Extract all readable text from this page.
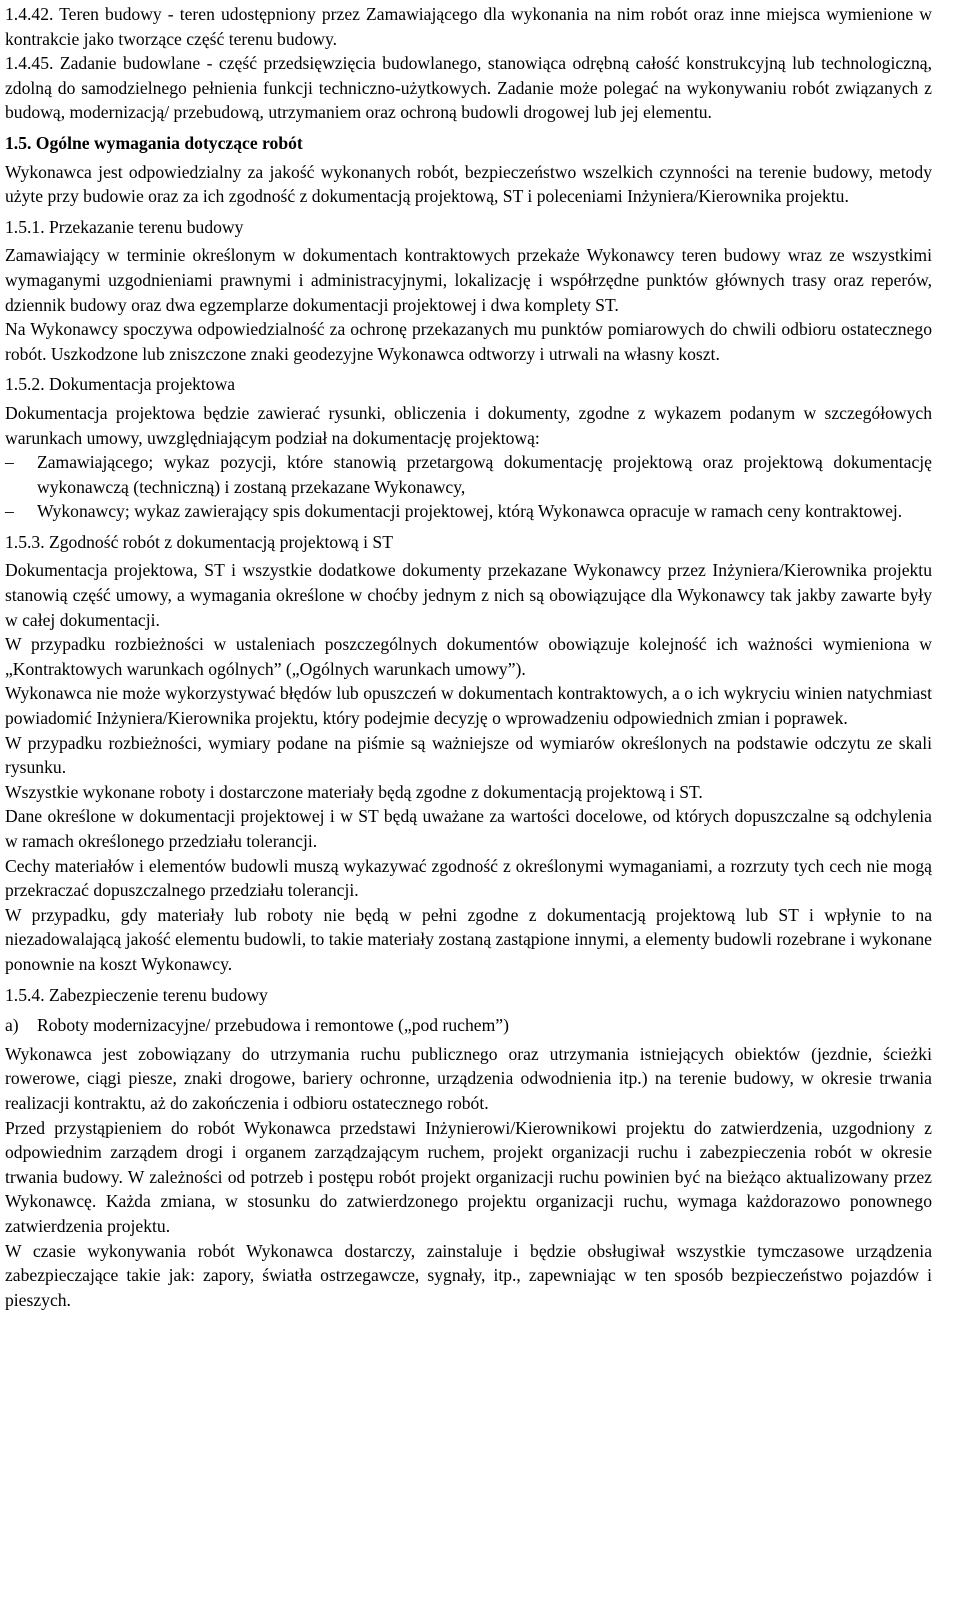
1.4.42. Teren budowy - teren udostępniony przez Zamawiającego dla wykonania na nim robót oraz inne miejsca wymienione w kontrakcie jako tworzące część terenu budowy.

1.4.45. Zadanie budowlane - część przedsięwzięcia budowlanego, stanowiąca odrębną całość konstrukcyjną lub technologiczną, zdolną do samodzielnego pełnienia funkcji techniczno-użytkowych. Zadanie może polegać na wykonywaniu robót związanych z budową, modernizacją/ przebudową, utrzymaniem oraz ochroną budowli drogowej lub jej elementu.

1.5. Ogólne wymagania dotyczące robót

Wykonawca jest odpowiedzialny za jakość wykonanych robót, bezpieczeństwo wszelkich czynności na terenie budowy, metody użyte przy budowie oraz za ich zgodność z dokumentacją projektową, ST i poleceniami Inżyniera/Kierownika projektu.

1.5.1. Przekazanie terenu budowy

Zamawiający w terminie określonym w dokumentach kontraktowych przekaże Wykonawcy teren budowy wraz ze wszystkimi wymaganymi uzgodnieniami prawnymi i administracyjnymi, lokalizację i współrzędne punktów głównych trasy oraz reperów, dziennik budowy oraz dwa egzemplarze dokumentacji projektowej i dwa komplety ST.

Na Wykonawcy spoczywa odpowiedzialność za ochronę przekazanych mu punktów pomiarowych do chwili odbioru ostatecznego robót. Uszkodzone lub zniszczone znaki geodezyjne Wykonawca odtworzy i utrwali na własny koszt.

1.5.2. Dokumentacja projektowa

Dokumentacja projektowa będzie zawierać rysunki, obliczenia i dokumenty, zgodne z wykazem podanym w szczegółowych warunkach umowy, uwzględniającym podział na dokumentację projektową:

–	Zamawiającego; wykaz pozycji, które stanowią przetargową dokumentację projektową oraz projektową dokumentację wykonawczą (techniczną) i zostaną przekazane Wykonawcy,
–	Wykonawcy; wykaz zawierający spis dokumentacji projektowej, którą Wykonawca opracuje w ramach ceny kontraktowej.

1.5.3. Zgodność robót z dokumentacją projektową i ST

Dokumentacja projektowa, ST i wszystkie dodatkowe dokumenty przekazane Wykonawcy przez Inżyniera/Kierownika projektu stanowią część umowy, a wymagania określone w choćby jednym z nich są obowiązujące dla Wykonawcy tak jakby zawarte były w całej dokumentacji.

W przypadku rozbieżności w ustaleniach poszczególnych dokumentów obowiązuje kolejność ich ważności wymieniona w „Kontraktowych warunkach ogólnych” („Ogólnych warunkach umowy”).

Wykonawca nie może wykorzystywać błędów lub opuszczeń w dokumentach kontraktowych, a o ich wykryciu winien natychmiast powiadomić Inżyniera/Kierownika projektu, który podejmie decyzję o wprowadzeniu odpowiednich zmian i poprawek.

W przypadku rozbieżności, wymiary podane na piśmie są ważniejsze od wymiarów określonych na podstawie odczytu ze skali rysunku.

Wszystkie wykonane roboty i dostarczone materiały będą zgodne z dokumentacją projektową i ST.

Dane określone w dokumentacji projektowej i w ST będą uważane za wartości docelowe, od których dopuszczalne są odchylenia w ramach określonego przedziału tolerancji.

Cechy materiałów i elementów budowli muszą wykazywać zgodność z określonymi wymaganiami, a rozrzuty tych cech nie mogą przekraczać dopuszczalnego przedziału tolerancji.

W przypadku, gdy materiały lub roboty nie będą w pełni zgodne z dokumentacją projektową lub ST i wpłynie to na niezadowalającą jakość elementu budowli, to takie materiały zostaną zastąpione innymi, a elementy budowli rozebrane i wykonane ponownie na koszt Wykonawcy.

1.5.4. Zabezpieczenie terenu budowy

a)	Roboty modernizacyjne/ przebudowa i remontowe („pod ruchem”)

Wykonawca jest zobowiązany do utrzymania ruchu publicznego oraz utrzymania istniejących obiektów (jezdnie, ścieżki rowerowe, ciągi piesze, znaki drogowe, bariery ochronne, urządzenia odwodnienia itp.) na terenie budowy, w okresie trwania realizacji kontraktu, aż do zakończenia i odbioru ostatecznego robót.

Przed przystąpieniem do robót Wykonawca przedstawi Inżynierowi/Kierownikowi projektu do zatwierdzenia, uzgodniony z odpowiednim zarządem drogi i organem zarządzającym ruchem, projekt organizacji ruchu i zabezpieczenia robót w okresie trwania budowy. W zależności od potrzeb i postępu robót projekt organizacji ruchu powinien być na bieżąco aktualizowany przez Wykonawcę. Każda zmiana, w stosunku do zatwierdzonego projektu organizacji ruchu, wymaga każdorazowo ponownego zatwierdzenia projektu.

W czasie wykonywania robót Wykonawca dostarczy, zainstaluje i będzie obsługiwał wszystkie tymczasowe urządzenia zabezpieczające takie jak: zapory, światła ostrzegawcze, sygnały, itp., zapewniając w ten sposób bezpieczeństwo pojazdów i pieszych.
